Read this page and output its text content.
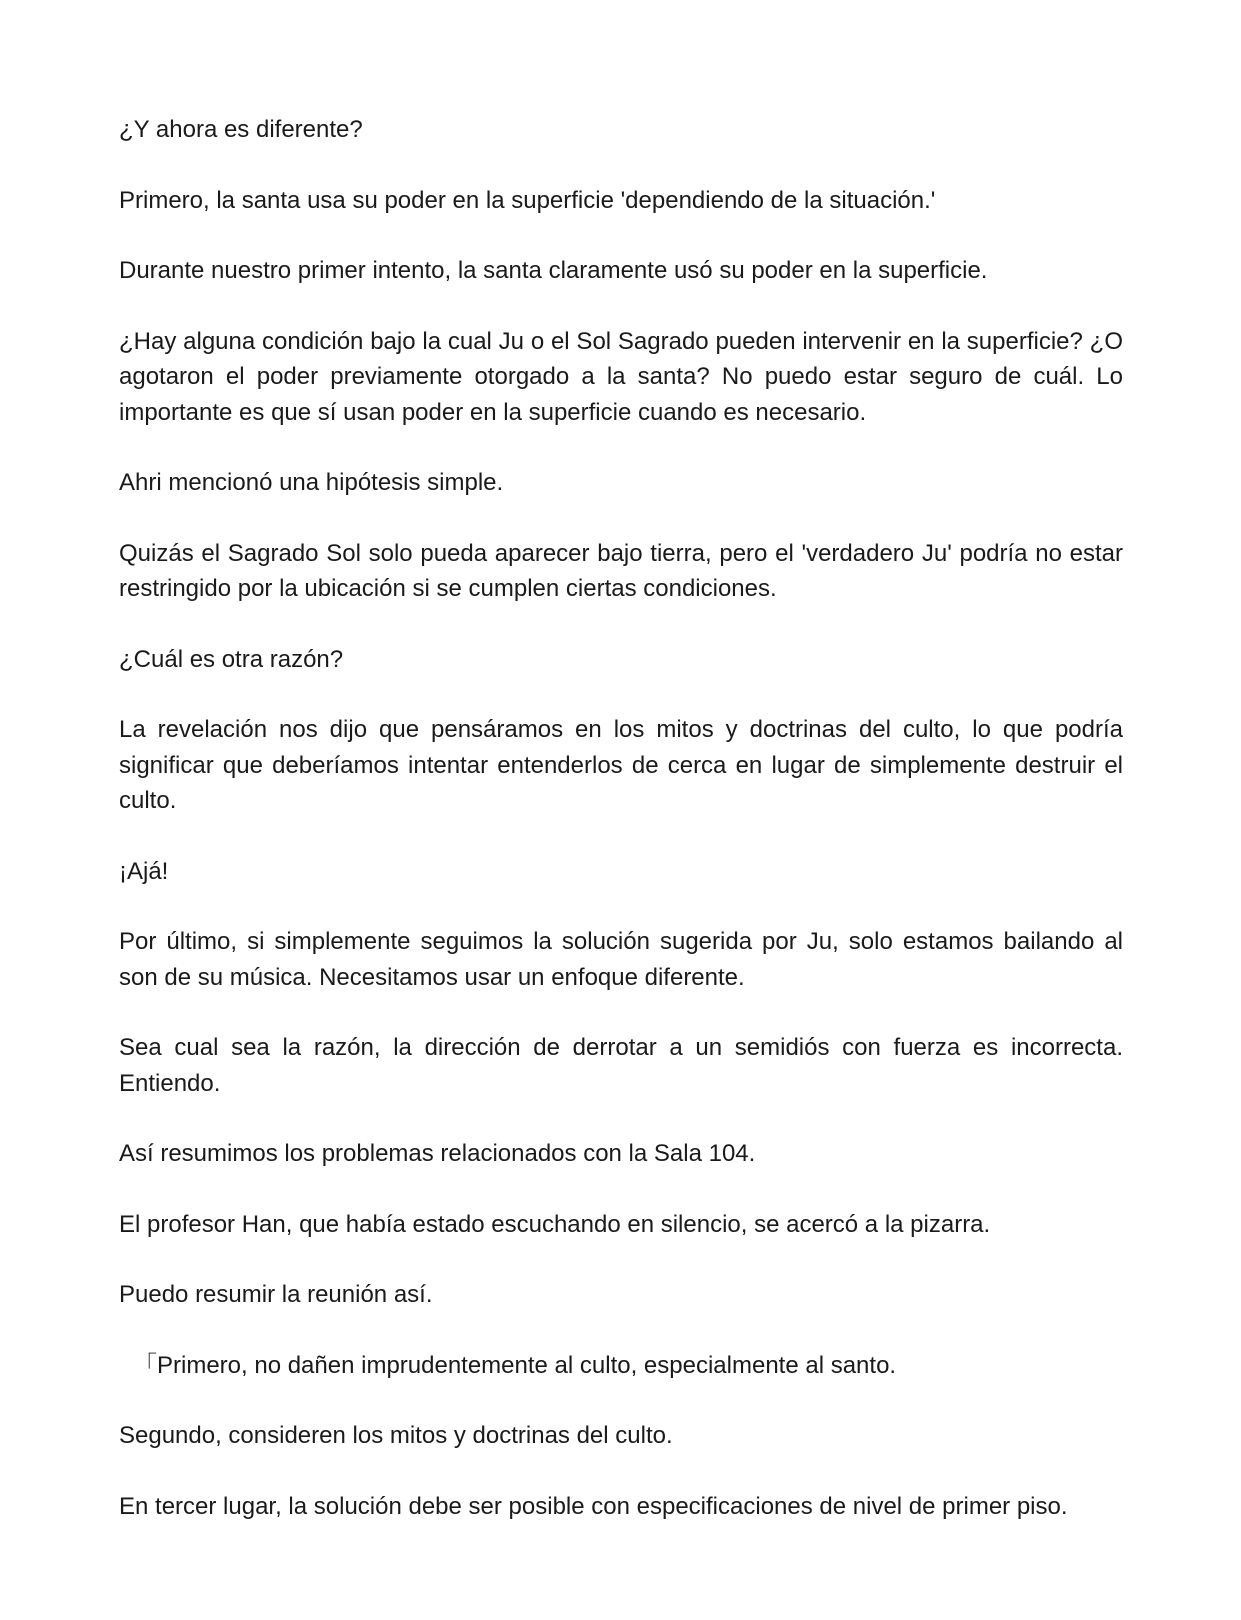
¿Y ahora es diferente?

Primero, la santa usa su poder en la superficie 'dependiendo de la situación.'

Durante nuestro primer intento, la santa claramente usó su poder en la superficie.

¿Hay alguna condición bajo la cual Ju o el Sol Sagrado pueden intervenir en la superficie? ¿O agotaron el poder previamente otorgado a la santa? No puedo estar seguro de cuál. Lo importante es que sí usan poder en la superficie cuando es necesario.

Ahri mencionó una hipótesis simple.

Quizás el Sagrado Sol solo pueda aparecer bajo tierra, pero el 'verdadero Ju' podría no estar restringido por la ubicación si se cumplen ciertas condiciones.

¿Cuál es otra razón?

La revelación nos dijo que pensáramos en los mitos y doctrinas del culto, lo que podría significar que deberíamos intentar entenderlos de cerca en lugar de simplemente destruir el culto.

¡Ajá!

Por último, si simplemente seguimos la solución sugerida por Ju, solo estamos bailando al son de su música. Necesitamos usar un enfoque diferente.

Sea cual sea la razón, la dirección de derrotar a un semidiós con fuerza es incorrecta. Entiendo.

Así resumimos los problemas relacionados con la Sala 104.

El profesor Han, que había estado escuchando en silencio, se acercó a la pizarra.

Puedo resumir la reunión así.

「Primero, no dañen imprudentemente al culto, especialmente al santo.

Segundo, consideren los mitos y doctrinas del culto.

En tercer lugar, la solución debe ser posible con especificaciones de nivel de primer piso.
